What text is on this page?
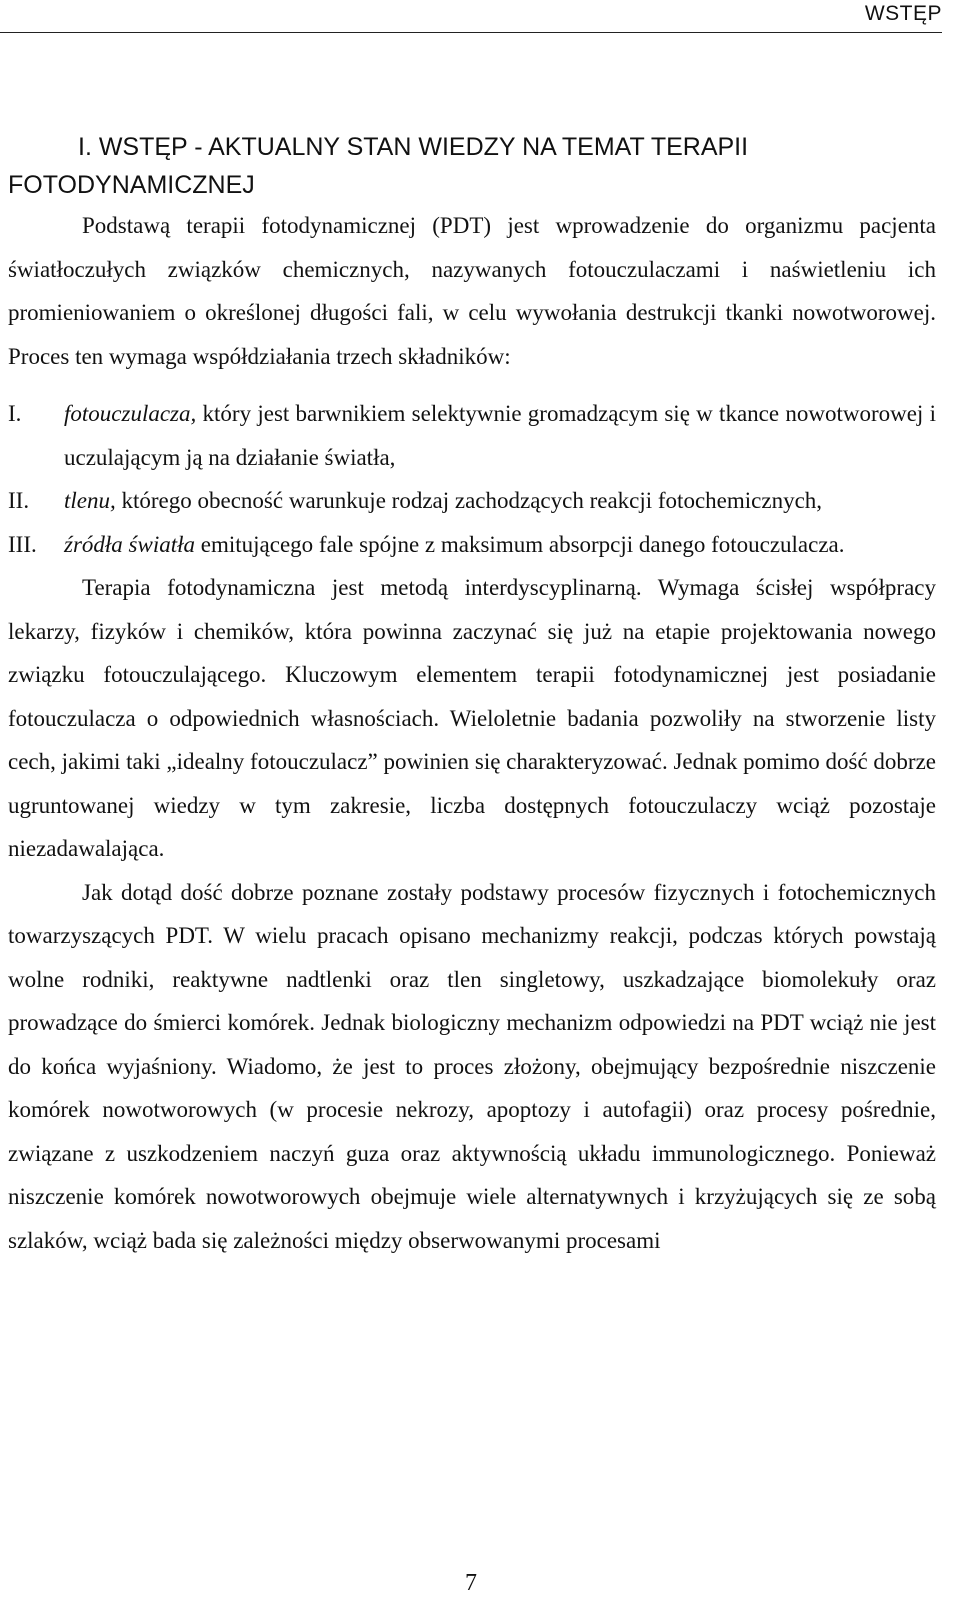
WSTĘP
I. WSTĘP - AKTUALNY STAN WIEDZY NA TEMAT TERAPII
FOTODYNAMICZNEJ

Podstawą terapii fotodynamicznej (PDT) jest wprowadzenie do organizmu pacjenta światłoczułych związków chemicznych, nazywanych fotouczulaczami i naświetleniu ich promieniowaniem o określonej długości fali, w celu wywołania destrukcji tkanki nowotworowej. Proces ten wymaga współdziałania trzech składników:

I. fotouczulacza, który jest barwnikiem selektywnie gromadzącym się w tkance nowotworowej i uczulającym ją na działanie światła,
II. tlenu, którego obecność warunkuje rodzaj zachodzących reakcji fotochemicznych,
III. źródła światła emitującego fale spójne z maksimum absorpcji danego fotouczulacza.

Terapia fotodynamiczna jest metodą interdyscyplinarną. Wymaga ścisłej współpracy lekarzy, fizyków i chemików, która powinna zaczynać się już na etapie projektowania nowego związku fotouczulającego. Kluczowym elementem terapii fotodynamicznej jest posiadanie fotouczulacza o odpowiednich własnościach. Wieloletnie badania pozwoliły na stworzenie listy cech, jakimi taki „idealny fotouczulacz” powinien się charakteryzować. Jednak pomimo dość dobrze ugruntowanej wiedzy w tym zakresie, liczba dostępnych fotouczulaczy wciąż pozostaje niezadawalająca.

Jak dotąd dość dobrze poznane zostały podstawy procesów fizycznych i fotochemicznych towarzyszących PDT. W wielu pracach opisano mechanizmy reakcji, podczas których powstają wolne rodniki, reaktywne nadtlenki oraz tlen singletowy, uszkadzające biomolekuły oraz prowadzące do śmierci komórek. Jednak biologiczny mechanizm odpowiedzi na PDT wciąż nie jest do końca wyjaśniony. Wiadomo, że jest to proces złożony, obejmujący bezpośrednie niszczenie komórek nowotworowych (w procesie nekrozy, apoptozy i autofagii) oraz procesy pośrednie, związane z uszkodzeniem naczyń guza oraz aktywnością układu immunologicznego. Ponieważ niszczenie komórek nowotworowych obejmuje wiele alternatywnych i krzyżujących się ze sobą szlaków, wciąż bada się zależności między obserwowanymi procesami

7
